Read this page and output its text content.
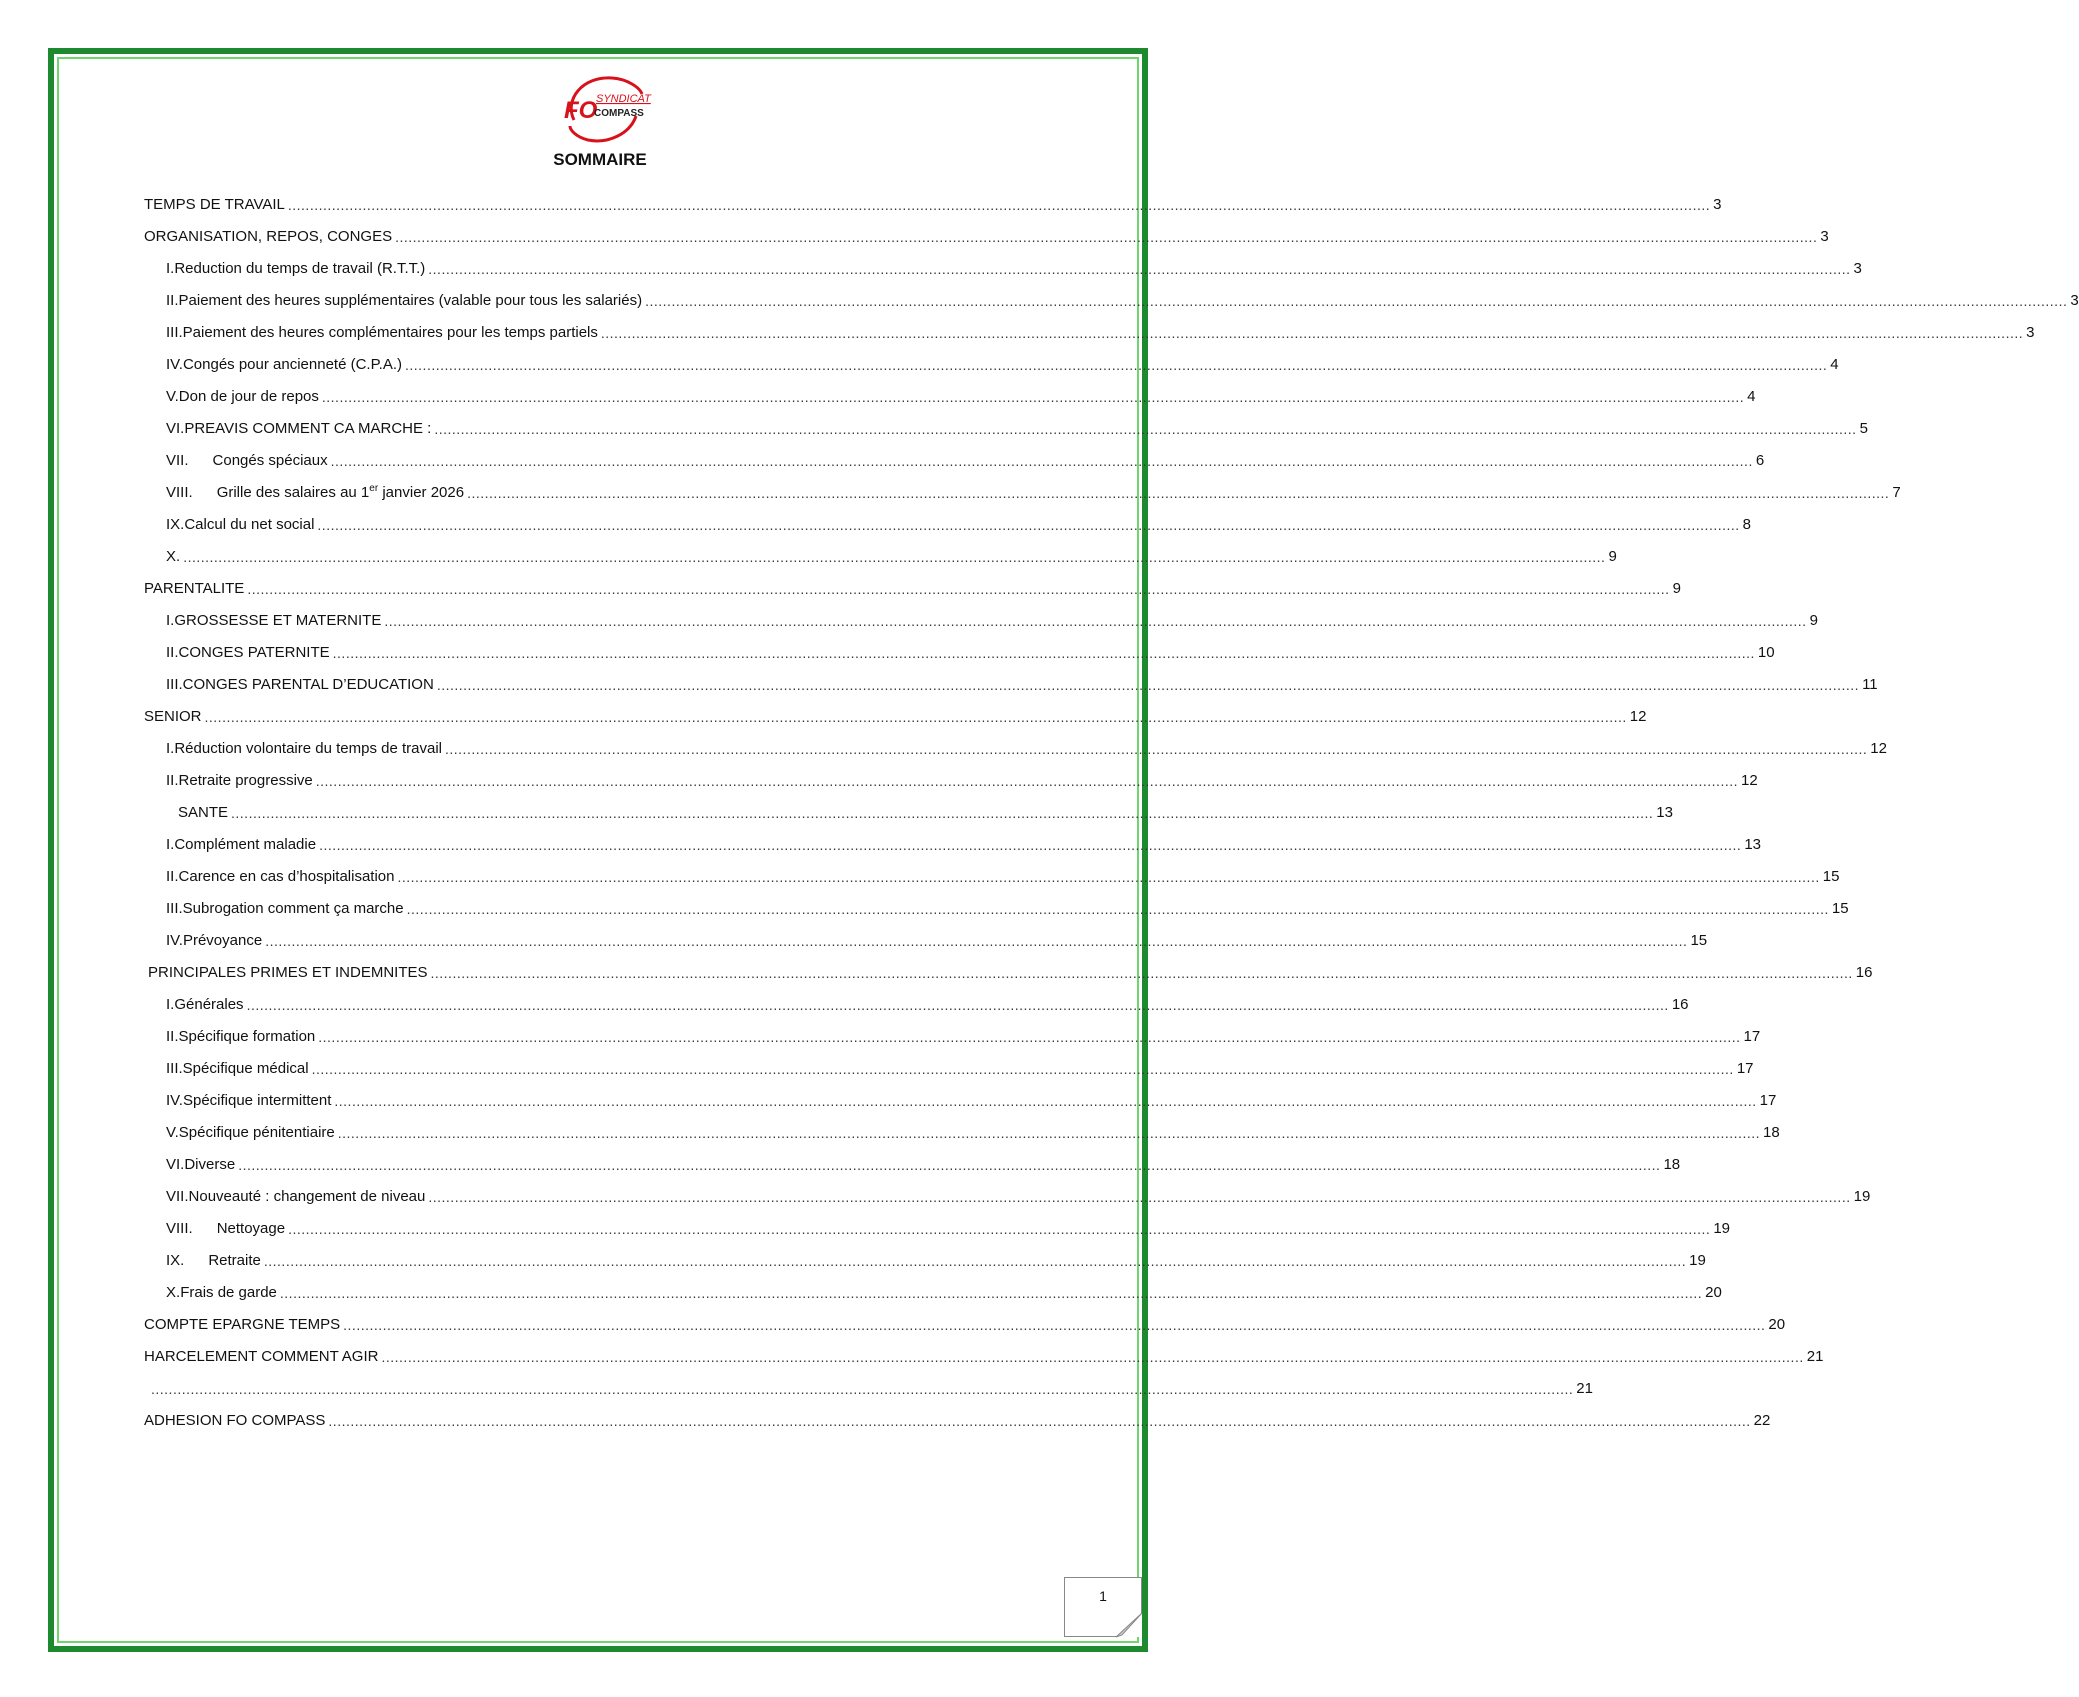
FO
SYNDICAT
COMPASS
SOMMAIRE
TEMPS DE TRAVAIL .................................................................................................................................................................................................................................................................................................................................... 3
ORGANISATION, REPOS, CONGES .................................................................................................................................................................................................................................................................................................................................... 3
I. Reduction du temps de travail (R.T.T.) .................................................................................................................................................................................................................................................................................................................................... 3
II. Paiement des heures supplémentaires (valable pour tous les salariés) .................................................................................................................................................................................................................................................................................................................................... 3
III. Paiement des heures complémentaires pour les temps partiels .................................................................................................................................................................................................................................................................................................................................... 3
IV. Congés pour ancienneté (C.P.A.) .................................................................................................................................................................................................................................................................................................................................... 4
V. Don de jour de repos .................................................................................................................................................................................................................................................................................................................................... 4
VI. PREAVIS COMMENT CA MARCHE : .................................................................................................................................................................................................................................................................................................................................... 5
VII.	Congés spéciaux .................................................................................................................................................................................................................................................................................................................................... 6
VIII.	Grille des salaires au 1er janvier 2026 .................................................................................................................................................................................................................................................................................................................................... 7
IX. Calcul du net social .................................................................................................................................................................................................................................................................................................................................... 8
X. .................................................................................................................................................................................................................................................................................................................................... 9
PARENTALITE .................................................................................................................................................................................................................................................................................................................................... 9
I. GROSSESSE ET MATERNITE .................................................................................................................................................................................................................................................................................................................................... 9
II. CONGES PATERNITE .................................................................................................................................................................................................................................................................................................................................... 10
III. CONGES PARENTAL D’EDUCATION .................................................................................................................................................................................................................................................................................................................................... 11
SENIOR .................................................................................................................................................................................................................................................................................................................................... 12
I. Réduction volontaire du temps de travail .................................................................................................................................................................................................................................................................................................................................... 12
II. Retraite progressive .................................................................................................................................................................................................................................................................................................................................... 12
SANTE .................................................................................................................................................................................................................................................................................................................................... 13
I. Complément maladie .................................................................................................................................................................................................................................................................................................................................... 13
II. Carence en cas d’hospitalisation .................................................................................................................................................................................................................................................................................................................................... 15
III. Subrogation comment ça marche .................................................................................................................................................................................................................................................................................................................................... 15
IV. Prévoyance .................................................................................................................................................................................................................................................................................................................................... 15
PRINCIPALES PRIMES ET INDEMNITES .................................................................................................................................................................................................................................................................................................................................... 16
I. Générales .................................................................................................................................................................................................................................................................................................................................... 16
II. Spécifique formation .................................................................................................................................................................................................................................................................................................................................... 17
III. Spécifique médical .................................................................................................................................................................................................................................................................................................................................... 17
IV. Spécifique intermittent .................................................................................................................................................................................................................................................................................................................................... 17
V. Spécifique pénitentiaire .................................................................................................................................................................................................................................................................................................................................... 18
VI. Diverse .................................................................................................................................................................................................................................................................................................................................... 18
VII. Nouveauté : changement de niveau .................................................................................................................................................................................................................................................................................................................................... 19
VIII.	Nettoyage .................................................................................................................................................................................................................................................................................................................................... 19
IX.	Retraite .................................................................................................................................................................................................................................................................................................................................... 19
X. Frais de garde .................................................................................................................................................................................................................................................................................................................................... 20
COMPTE EPARGNE TEMPS .................................................................................................................................................................................................................................................................................................................................... 20
HARCELEMENT COMMENT AGIR .................................................................................................................................................................................................................................................................................................................................... 21
.................................................................................................................................................................................................................................................................................................................................... 21
ADHESION FO COMPASS .................................................................................................................................................................................................................................................................................................................................... 22
1
